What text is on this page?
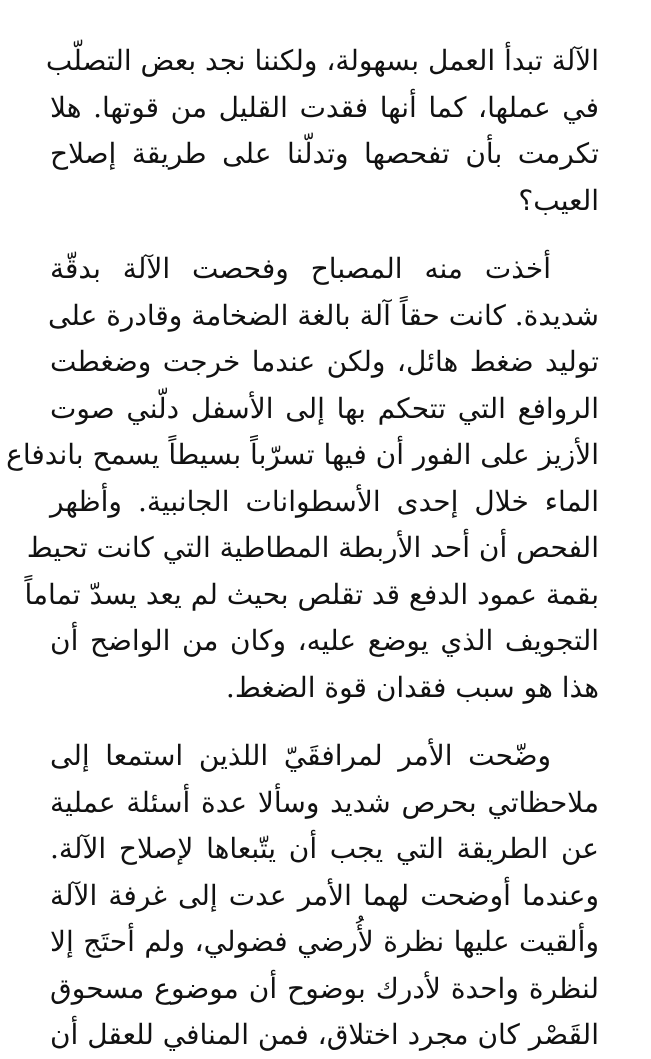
الآلة تبدأ العمل بسهولة، ولكننا نجد بعض التصلّب
في عملها، كما أنها فقدت القليل من قوتها. هلا
تكرمت بأن تفحصها وتدلّنا على طريقة إصلاح
العيب؟

أخذت منه المصباح وفحصت الآلة بدقّة
شديدة. كانت حقاً آلة بالغة الضخامة وقادرة على
توليد ضغط هائل، ولكن عندما خرجت وضغطت
الروافع التي تتحكم بها إلى الأسفل دلّني صوت
الأزيز على الفور أن فيها تسرّباً بسيطاً يسمح باندفاع
الماء خلال إحدى الأسطوانات الجانبية. وأظهر
الفحص أن أحد الأربطة المطاطية التي كانت تحيط
بقمة عمود الدفع قد تقلص بحيث لم يعد يسدّ تماماً
التجويف الذي يوضع عليه، وكان من الواضح أن
هذا هو سبب فقدان قوة الضغط.

وضّحت الأمر لمرافقَيّ اللذين استمعا إلى
ملاحظاتي بحرص شديد وسألا عدة أسئلة عملية
عن الطريقة التي يجب أن يتّبعاها لإصلاح الآلة.
وعندما أوضحت لهما الأمر عدت إلى غرفة الآلة
وألقيت عليها نظرة لأُرضي فضولي، ولم أحتَج إلا
لنظرة واحدة لأدرك بوضوح أن موضوع مسحوق
القَصْر كان مجرد اختلاق، فمن المنافي للعقل أن
